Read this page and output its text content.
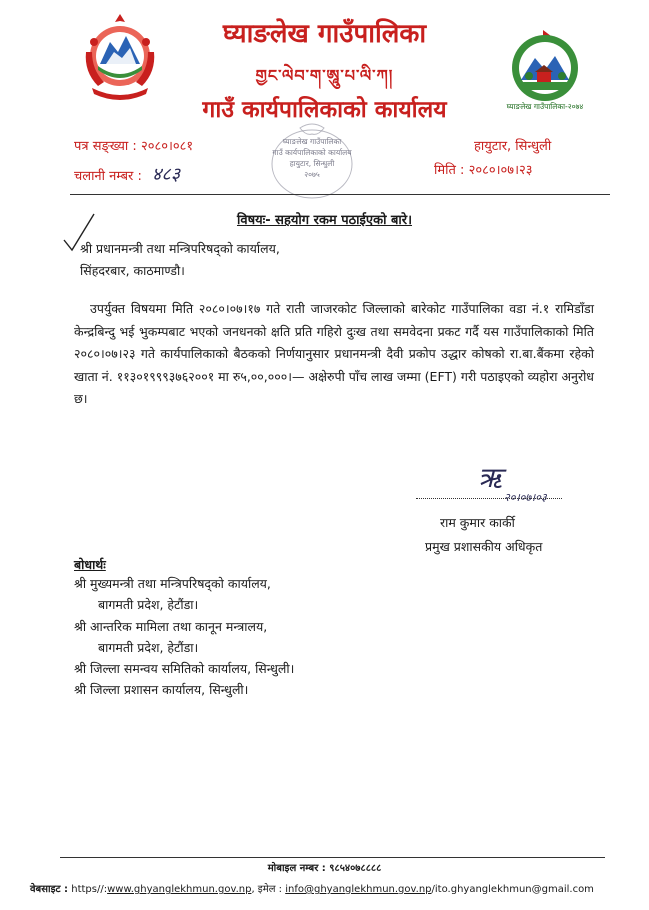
घ्याङलेख गाउँपालिका-२०७४
घ्याङलेख गाउँपालिका
གྱང་ལེབ་ག་ཨཱུ་པ་ལི་ཀ།
गाउँ कार्यपालिकाको कार्यालय
पत्र सङ्ख्या : २०८०।०८१
चलानी नम्बर : ४८३
हायुटार, सिन्धुली
मिति : २०८०।०७।२३
घ्याङलेख गाउँपालिका
गाउँ कार्यपालिकाको कार्यालय
हायुटार, सिन्धुली
२०७५
विषयः- सहयोग रकम पठाईएको बारे।
श्री प्रधानमन्त्री तथा मन्त्रिपरिषद्को कार्यालय,
सिंहदरबार, काठमाण्डौ।
उपर्युक्त विषयमा मिति २०८०।०७।१७ गते राती जाजरकोट जिल्लाको बारेकोट गाउँपालिका वडा नं.१ रामिडाँडा केन्द्रबिन्दु भई भुकम्पबाट भएको जनधनको क्षति प्रति गहिरो दुःख तथा समवेदना प्रकट गर्दै यस गाउँपालिकाको मिति २०८०।०७।२३ गते कार्यपालिकाको बैठकको निर्णयानुसार प्रधानमन्त्री दैवी प्रकोप उद्धार कोषको रा.बा.बैंकमा रहेको खाता नं. ११३०१९९९३७६२००१ मा रु५,००,०००।— अक्षेरुपी पाँच लाख जम्मा (EFT) गरी पठाइएको व्यहोरा अनुरोध छ।
ऋ
२०।०७।०३
राम कुमार कार्की
प्रमुख प्रशासकीय अधिकृत
बोधार्थः
श्री मुख्यमन्त्री तथा मन्त्रिपरिषद्को कार्यालय,
बागमती प्रदेश, हेटौंडा।
श्री आन्तरिक मामिला तथा कानून मन्त्रालय,
बागमती प्रदेश, हेटौंडा।
श्री जिल्ला समन्वय समितिको कार्यालय, सिन्धुली।
श्री जिल्ला प्रशासन कार्यालय, सिन्धुली।
मोबाइल नम्बर : ९८५४०७८८८८
वेबसाइट : https//:www.ghyanglekhmun.gov.np, इमेल : info@ghyanglekhmun.gov.np/ito.ghyanglekhmun@gmail.com
